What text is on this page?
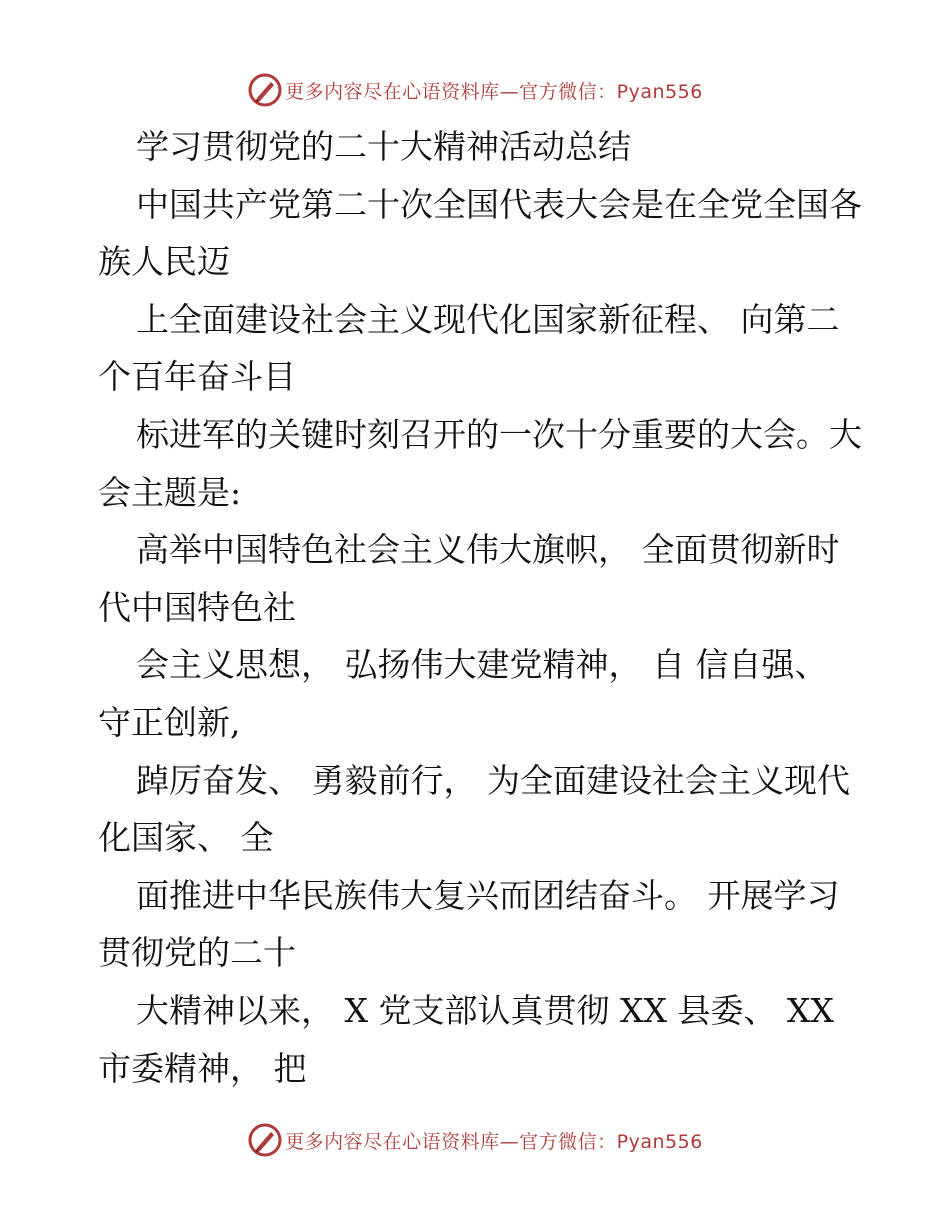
更多内容尽在心语资料库—官方微信：Pyan556

学习贯彻党的二十大精神活动总结

中国共产党第二十次全国代表大会是在全党全国各族人民迈

上全面建设社会主义现代化国家新征程、 向第二个百年奋斗目

标进军的关键时刻召开的一次十分重要的大会。大会主题是:

高举中国特色社会主义伟大旗帜， 全面贯彻新时代中国特色社

会主义思想， 弘扬伟大建党精神， 自 信自强、 守正创新,

踔厉奋发、 勇毅前行， 为全面建设社会主义现代化国家、 全

面推进中华民族伟大复兴而团结奋斗。 开展学习贯彻党的二十

大精神以来， X 党支部认真贯彻 XX 县委、 XX 市委精神， 把

更多内容尽在心语资料库—官方微信：Pyan556
